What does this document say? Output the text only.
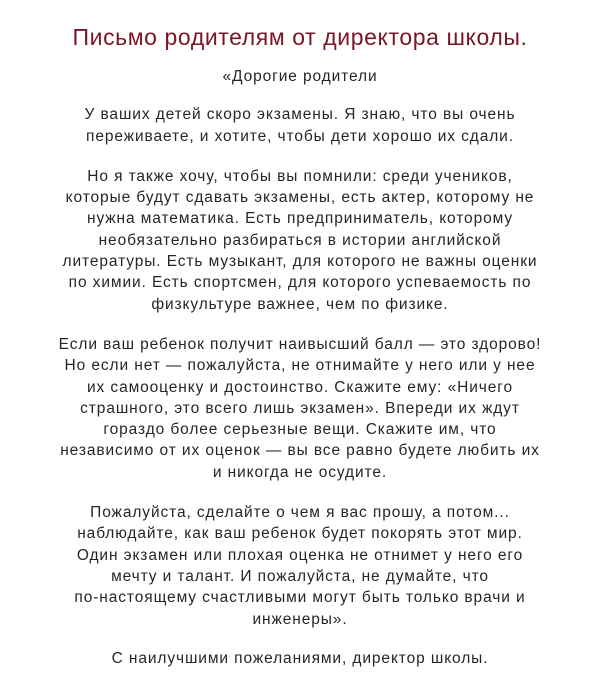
Письмо родителям от директора школы.

«Дорогие родители

У ваших детей скоро экзамены. Я знаю, что вы очень
переживаете, и хотите, чтобы дети хорошо их сдали.

Но я также хочу, чтобы вы помнили: среди учеников,
которые будут сдавать экзамены, есть актер, которому не
нужна математика. Есть предприниматель, которому
необязательно разбираться в истории английской
литературы. Есть музыкант, для которого не важны оценки
по химии. Есть спортсмен, для которого успеваемость по
физкультуре важнее, чем по физике.

Если ваш ребенок получит наивысший балл — это здорово!
Но если нет — пожалуйста, не отнимайте у него или у нее
их самооценку и достоинство. Скажите ему: «Ничего
страшного, это всего лишь экзамен». Впереди их ждут
гораздо более серьезные вещи. Скажите им, что
независимо от их оценок — вы все равно будете любить их
и никогда не осудите.

Пожалуйста, сделайте о чем я вас прошу, а потом...
наблюдайте, как ваш ребенок будет покорять этот мир.
Один экзамен или плохая оценка не отнимет у него его
мечту и талант. И пожалуйста, не думайте, что
по-настоящему счастливыми могут быть только врачи и
инженеры».

С наилучшими пожеланиями, директор школы.
